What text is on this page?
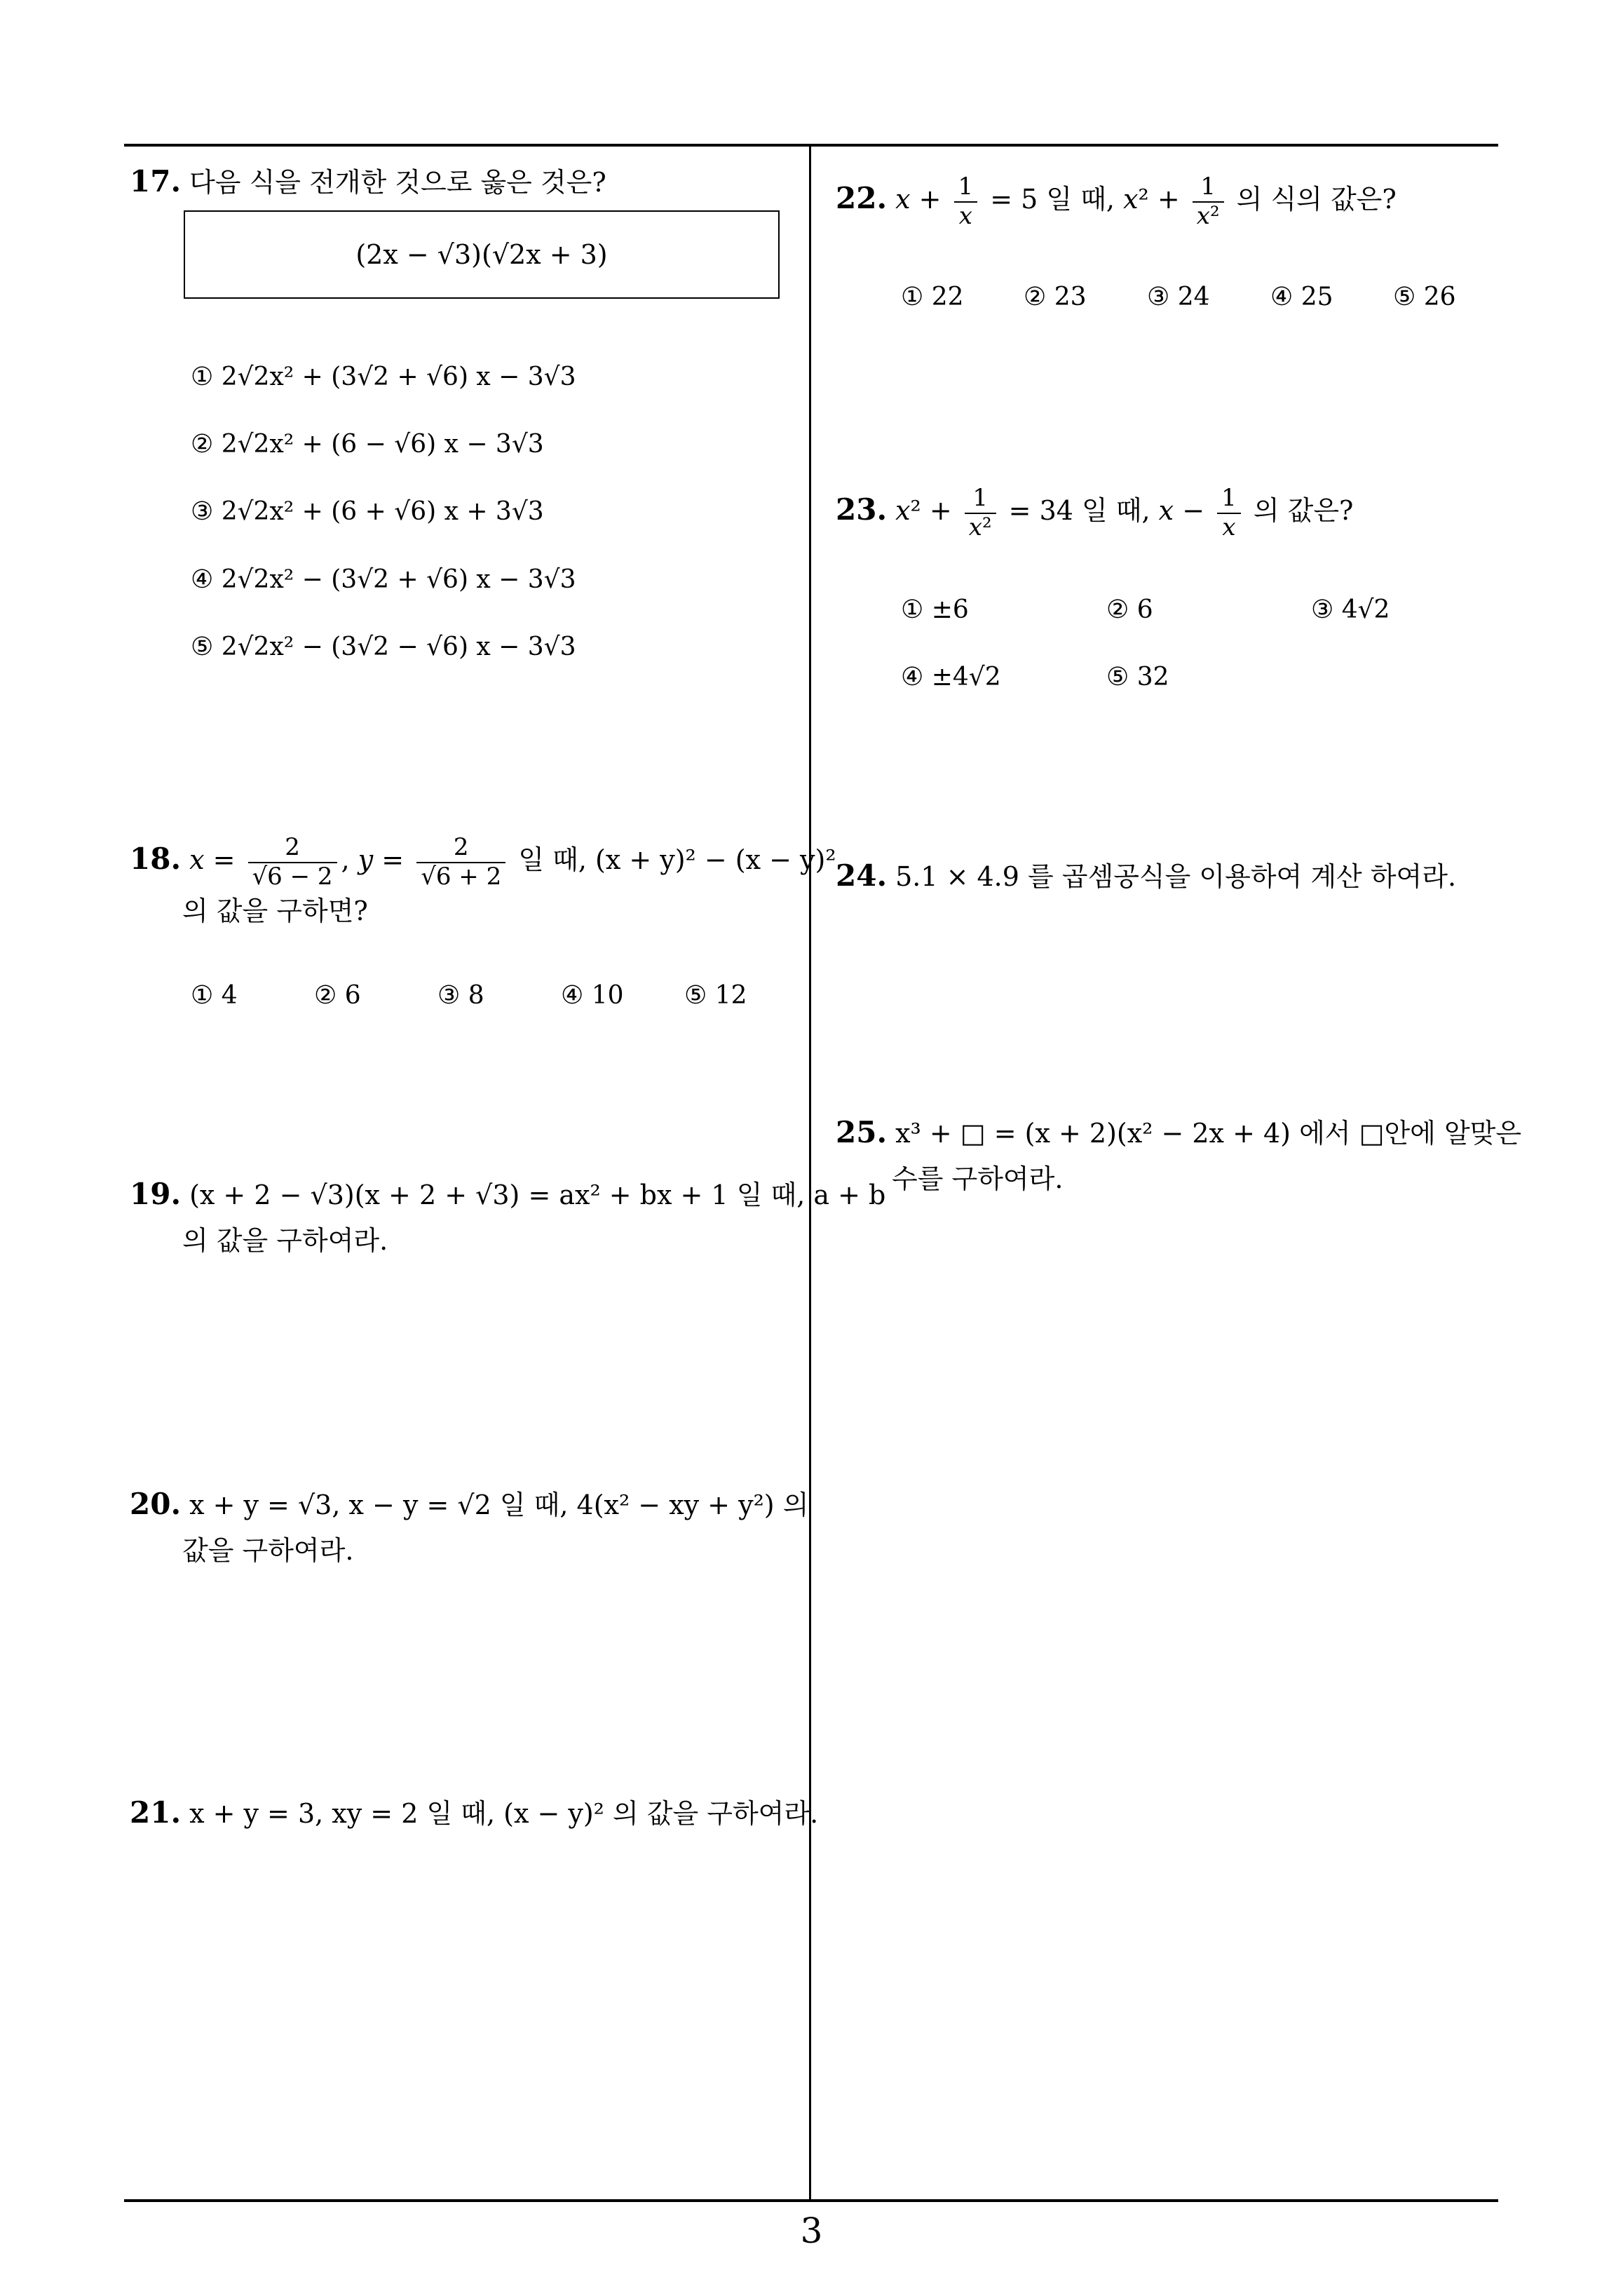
17. 다음 식을 전개한 것으로 옳은 것은?
(2x − √3)(√2x + 3)
① 2√2x² + (3√2 + √6) x − 3√3
② 2√2x² + (6 − √6) x − 3√3
③ 2√2x² + (6 + √6) x + 3√3
④ 2√2x² − (3√2 + √6) x − 3√3
⑤ 2√2x² − (3√2 − √6) x − 3√3
18. $x = \frac{2}{√6 - 2}$ , $y = \frac{2}{√6 + 2}$ 일 때, (x + y)² − (x − y)²
의 값을 구하면?
① 4	② 6	③ 8	④ 10 ⑤ 12
19. (x + 2 − √3)(x + 2 + √3) = ax² + bx + 1 일 때, a + b
의 값을 구하여라.
20. x + y = √3, x − y = √2 일 때, 4(x² − xy + y²) 의
값을 구하여라.
21. x + y = 3, xy = 2 일 때, (x − y)² 의 값을 구하여라.
22. $x + \frac{1}{x} = 5$ 일 때, $x^2 + \frac{1}{\text{x²}}$ 의 식의 값은?
① 22 ② 23 ③ 24 ④ 25 ⑤ 26
23. $x^2 + \frac{1}{\text{x²}} = 34$ 일 때, $x - \frac{1}{x}$ 의 값은?
① ±6	② 6	③ 4√2
④ ±4√2	⑤ 32
24. 5.1 × 4.9 를 곱셈공식을 이용하여 계산 하여라.
25. x³ + □ = (x + 2)(x² − 2x + 4) 에서 □안에 알맞은
수를 구하여라.
3
